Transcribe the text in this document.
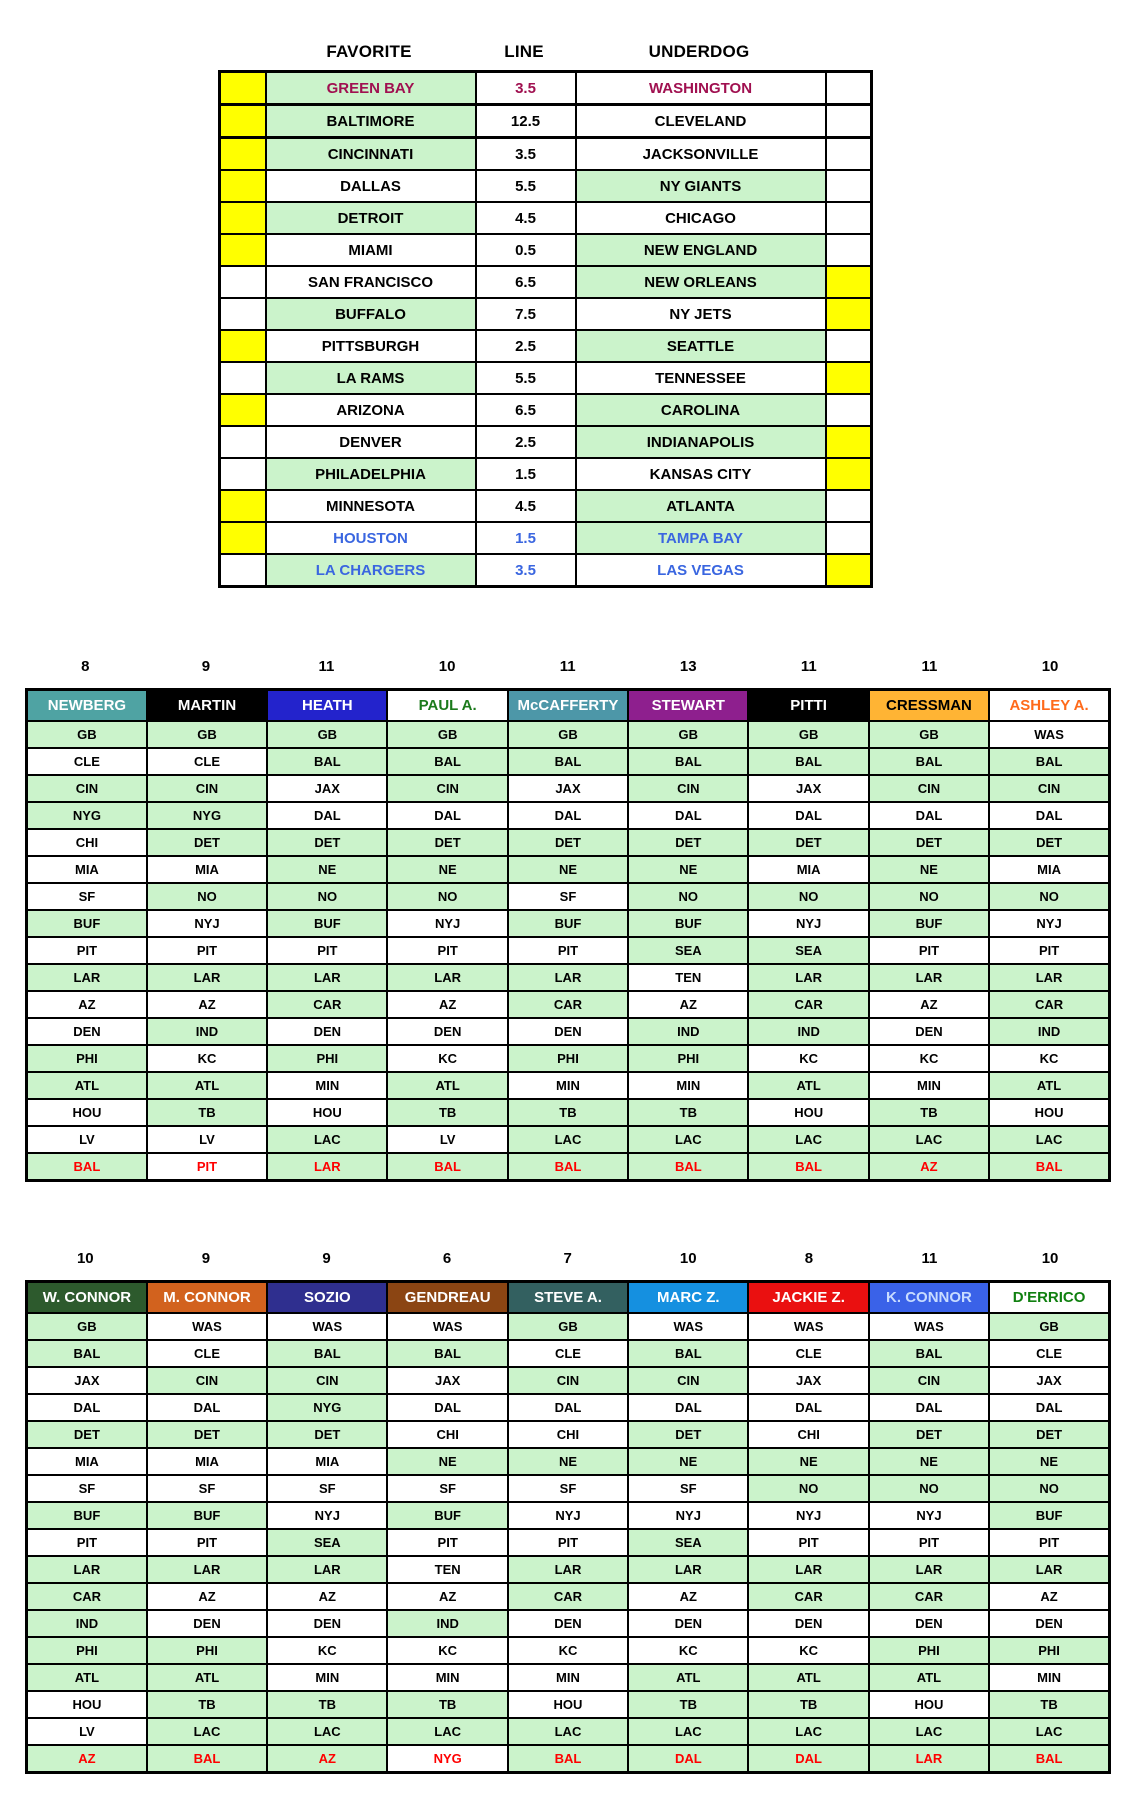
FAVORITE	LINE	UNDERDOG
	GREEN BAY	3.5	WASHINGTON	
	BALTIMORE	12.5	CLEVELAND	
	CINCINNATI	3.5	JACKSONVILLE	
	DALLAS	5.5	NY GIANTS	
	DETROIT	4.5	CHICAGO	
	MIAMI	0.5	NEW ENGLAND	
	SAN FRANCISCO	6.5	NEW ORLEANS	
	BUFFALO	7.5	NY JETS	
	PITTSBURGH	2.5	SEATTLE	
	LA RAMS	5.5	TENNESSEE	
	ARIZONA	6.5	CAROLINA	
	DENVER	2.5	INDIANAPOLIS	
	PHILADELPHIA	1.5	KANSAS CITY	
	MINNESOTA	4.5	ATLANTA	
	HOUSTON	1.5	TAMPA BAY	
	LA CHARGERS	3.5	LAS VEGAS	
8	9	11	10	11	13	11	11	10
NEWBERG	MARTIN	HEATH	PAUL A.	McCAFFERTY	STEWART	PITTI	CRESSMAN	ASHLEY A.
GB	GB	GB	GB	GB	GB	GB	GB	WAS
CLE	CLE	BAL	BAL	BAL	BAL	BAL	BAL	BAL
CIN	CIN	JAX	CIN	JAX	CIN	JAX	CIN	CIN
NYG	NYG	DAL	DAL	DAL	DAL	DAL	DAL	DAL
CHI	DET	DET	DET	DET	DET	DET	DET	DET
MIA	MIA	NE	NE	NE	NE	MIA	NE	MIA
SF	NO	NO	NO	SF	NO	NO	NO	NO
BUF	NYJ	BUF	NYJ	BUF	BUF	NYJ	BUF	NYJ
PIT	PIT	PIT	PIT	PIT	SEA	SEA	PIT	PIT
LAR	LAR	LAR	LAR	LAR	TEN	LAR	LAR	LAR
AZ	AZ	CAR	AZ	CAR	AZ	CAR	AZ	CAR
DEN	IND	DEN	DEN	DEN	IND	IND	DEN	IND
PHI	KC	PHI	KC	PHI	PHI	KC	KC	KC
ATL	ATL	MIN	ATL	MIN	MIN	ATL	MIN	ATL
HOU	TB	HOU	TB	TB	TB	HOU	TB	HOU
LV	LV	LAC	LV	LAC	LAC	LAC	LAC	LAC
BAL	PIT	LAR	BAL	BAL	BAL	BAL	AZ	BAL
10	9	9	6	7	10	8	11	10
W. CONNOR	M. CONNOR	SOZIO	GENDREAU	STEVE A.	MARC Z.	JACKIE Z.	K. CONNOR	D'ERRICO
GB	WAS	WAS	WAS	GB	WAS	WAS	WAS	GB
BAL	CLE	BAL	BAL	CLE	BAL	CLE	BAL	CLE
JAX	CIN	CIN	JAX	CIN	CIN	JAX	CIN	JAX
DAL	DAL	NYG	DAL	DAL	DAL	DAL	DAL	DAL
DET	DET	DET	CHI	CHI	DET	CHI	DET	DET
MIA	MIA	MIA	NE	NE	NE	NE	NE	NE
SF	SF	SF	SF	SF	SF	NO	NO	NO
BUF	BUF	NYJ	BUF	NYJ	NYJ	NYJ	NYJ	BUF
PIT	PIT	SEA	PIT	PIT	SEA	PIT	PIT	PIT
LAR	LAR	LAR	TEN	LAR	LAR	LAR	LAR	LAR
CAR	AZ	AZ	AZ	CAR	AZ	CAR	CAR	AZ
IND	DEN	DEN	IND	DEN	DEN	DEN	DEN	DEN
PHI	PHI	KC	KC	KC	KC	KC	PHI	PHI
ATL	ATL	MIN	MIN	MIN	ATL	ATL	ATL	MIN
HOU	TB	TB	TB	HOU	TB	TB	HOU	TB
LV	LAC	LAC	LAC	LAC	LAC	LAC	LAC	LAC
AZ	BAL	AZ	NYG	BAL	DAL	DAL	LAR	BAL
